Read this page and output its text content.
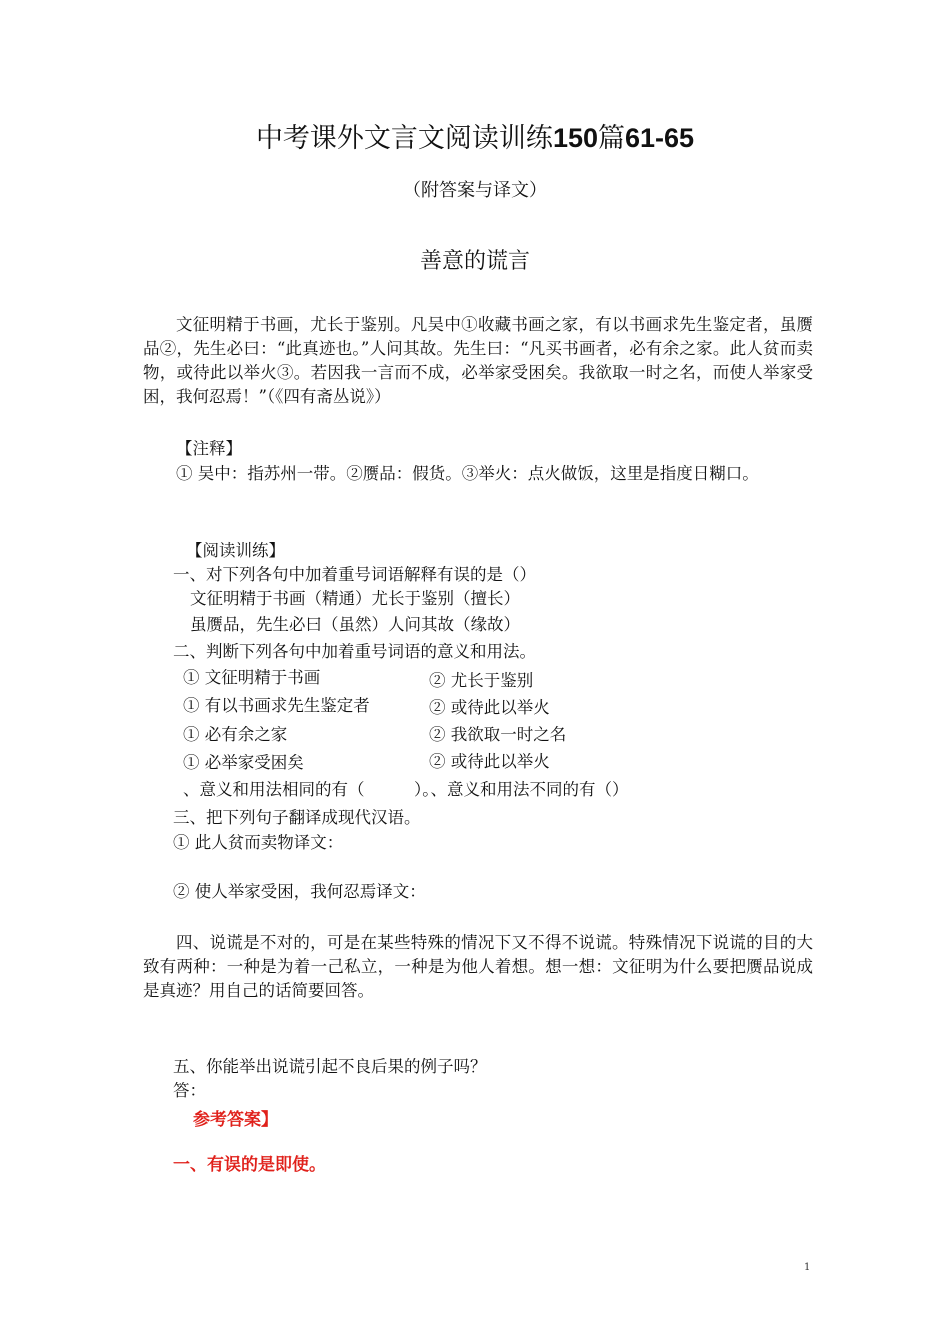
中考课外文言文阅读训练150篇61-65
（附答案与译文）
善意的谎言
文征明精于书画，尤长于鉴别。凡吴中①收藏书画之家，有以书画求先生鉴定者，虽赝品②，先生必曰：“此真迹也。”人问其故。先生曰：“凡买书画者，必有余之家。此人贫而卖物，或待此以举火③。若因我一言而不成，必举家受困矣。我欲取一时之名，而使人举家受困，我何忍焉！”（《四有斋丛说》）
【注释】
① 吴中：指苏州一带。②赝品：假货。③举火：点火做饭，这里是指度日糊口。
【阅读训练】
一、对下列各句中加着重号词语解释有误的是（）
文征明精于书画（精通）尤长于鉴别（擅长）
虽赝品，先生必曰（虽然）人问其故（缘故）
二、判断下列各句中加着重号词语的意义和用法。
① 文征明精于书画	② 尤长于鉴别
① 有以书画求先生鉴定者	② 或待此以举火
① 必有余之家	② 我欲取一时之名
① 必举家受困矣	② 或待此以举火
、意义和用法相同的有（　　　）。、意义和用法不同的有（）
三、把下列句子翻译成现代汉语。
① 此人贫而卖物译文：
② 使人举家受困，我何忍焉译文：
四、说谎是不对的，可是在某些特殊的情况下又不得不说谎。特殊情况下说谎的目的大致有两种：一种是为着一己私立，一种是为他人着想。想一想：文征明为什么要把赝品说成是真迹？用自己的话简要回答。
五、你能举出说谎引起不良后果的例子吗？
答：
参考答案】
一、有误的是即使。
1
